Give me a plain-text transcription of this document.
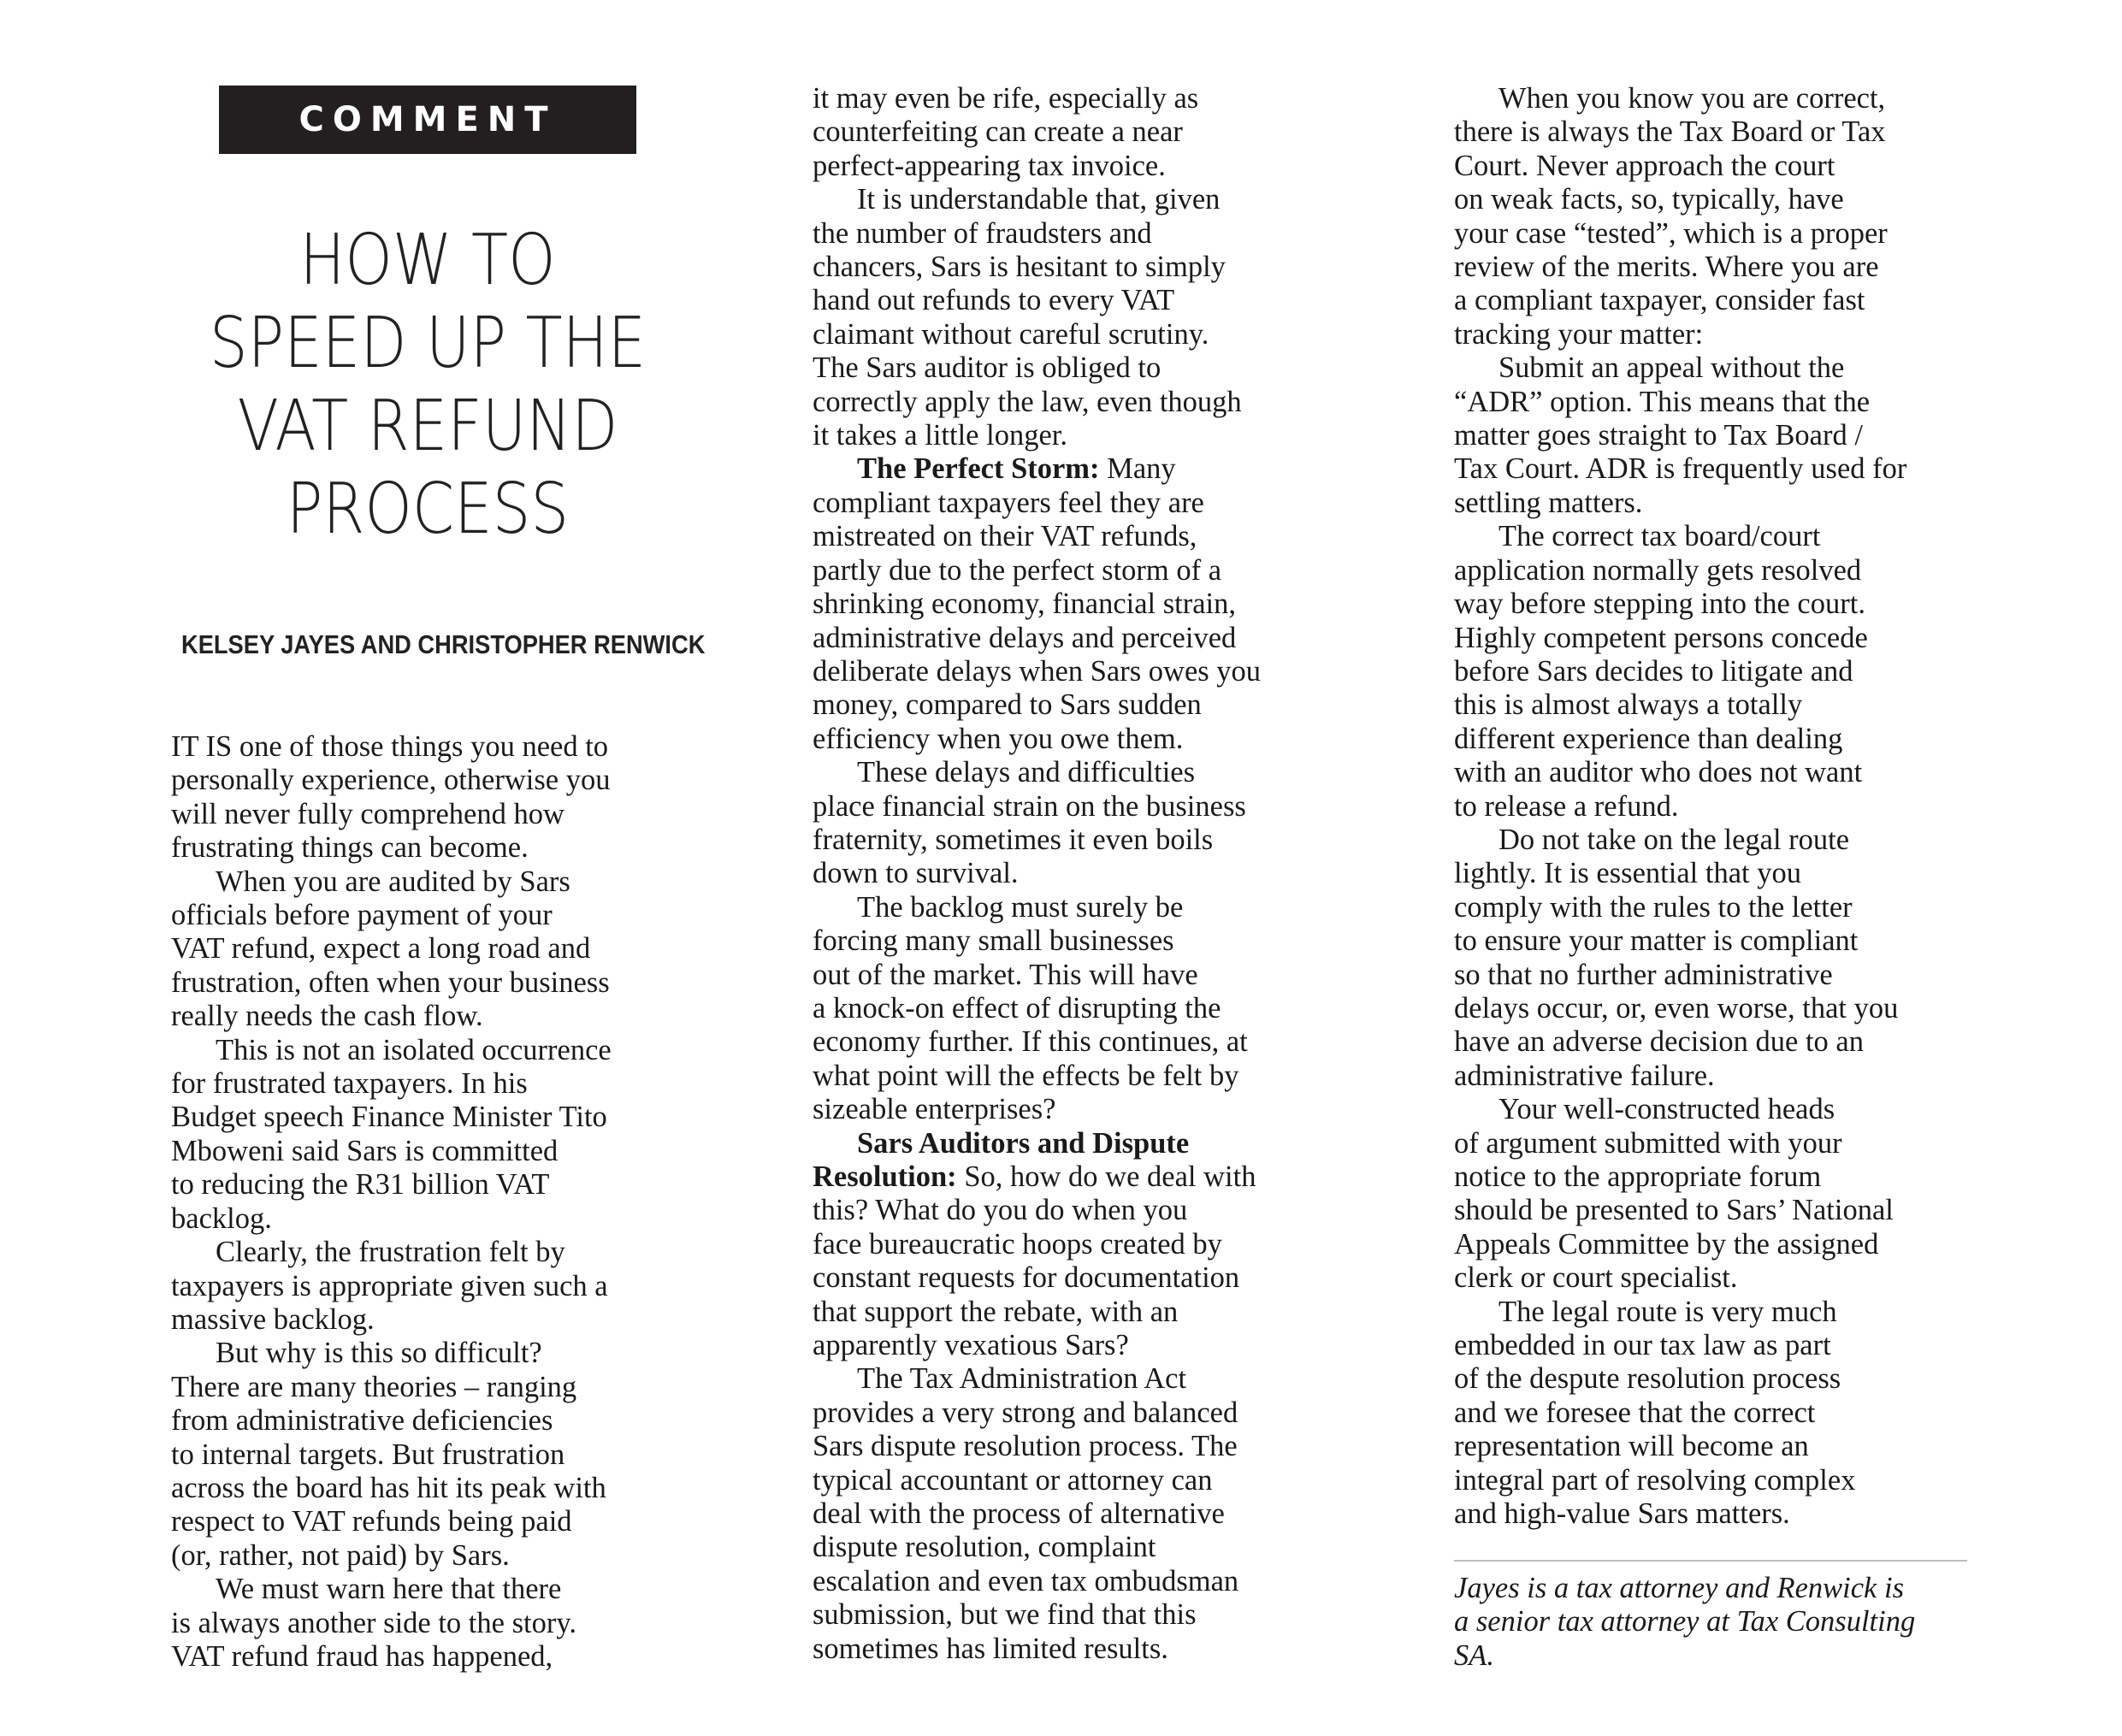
COMMENT
HOW TO
SPEED UP THE
VAT REFUND
PROCESS
KELSEY JAYES AND CHRISTOPHER RENWICK
IT IS one of those things you need to
personally experience, otherwise you
will never fully comprehend how
frustrating things can become.
When you are audited by Sars
officials before payment of your
VAT refund, expect a long road and
frustration, often when your business
really needs the cash flow.
This is not an isolated occurrence
for frustrated taxpayers. In his
Budget speech Finance Minister Tito
Mboweni said Sars is committed
to reducing the R31 billion VAT
backlog.
Clearly, the frustration felt by
taxpayers is appropriate given such a
massive backlog.
But why is this so difficult?
There are many theories – ranging
from administrative deficiencies
to internal targets. But frustration
across the board has hit its peak with
respect to VAT refunds being paid
(or, rather, not paid) by Sars.
We must warn here that there
is always another side to the story.
VAT refund fraud has happened,
it may even be rife, especially as
counterfeiting can create a near
perfect-appearing tax invoice.
It is understandable that, given
the number of fraudsters and
chancers, Sars is hesitant to simply
hand out refunds to every VAT
claimant without careful scrutiny.
The Sars auditor is obliged to
correctly apply the law, even though
it takes a little longer.
The Perfect Storm: Many
compliant taxpayers feel they are
mistreated on their VAT refunds,
partly due to the perfect storm of a
shrinking economy, financial strain,
administrative delays and perceived
deliberate delays when Sars owes you
money, compared to Sars sudden
efficiency when you owe them.
These delays and difficulties
place financial strain on the business
fraternity, sometimes it even boils
down to survival.
The backlog must surely be
forcing many small businesses
out of the market. This will have
a knock-on effect of disrupting the
economy further. If this continues, at
what point will the effects be felt by
sizeable enterprises?
Sars Auditors and Dispute
Resolution: So, how do we deal with
this? What do you do when you
face bureaucratic hoops created by
constant requests for documentation
that support the rebate, with an
apparently vexatious Sars?
The Tax Administration Act
provides a very strong and balanced
Sars dispute resolution process. The
typical accountant or attorney can
deal with the process of alternative
dispute resolution, complaint
escalation and even tax ombudsman
submission, but we find that this
sometimes has limited results.
When you know you are correct,
there is always the Tax Board or Tax
Court. Never approach the court
on weak facts, so, typically, have
your case “tested”, which is a proper
review of the merits. Where you are
a compliant taxpayer, consider fast
tracking your matter:
Submit an appeal without the
“ADR” option. This means that the
matter goes straight to Tax Board /
Tax Court. ADR is frequently used for
settling matters.
The correct tax board/court
application normally gets resolved
way before stepping into the court.
Highly competent persons concede
before Sars decides to litigate and
this is almost always a totally
different experience than dealing
with an auditor who does not want
to release a refund.
Do not take on the legal route
lightly. It is essential that you
comply with the rules to the letter
to ensure your matter is compliant
so that no further administrative
delays occur, or, even worse, that you
have an adverse decision due to an
administrative failure.
Your well-constructed heads
of argument submitted with your
notice to the appropriate forum
should be presented to Sars’ National
Appeals Committee by the assigned
clerk or court specialist.
The legal route is very much
embedded in our tax law as part
of the despute resolution process
and we foresee that the correct
representation will become an
integral part of resolving complex
and high-value Sars matters.
Jayes is a tax attorney and Renwick is
a senior tax attorney at Tax Consulting
SA.
